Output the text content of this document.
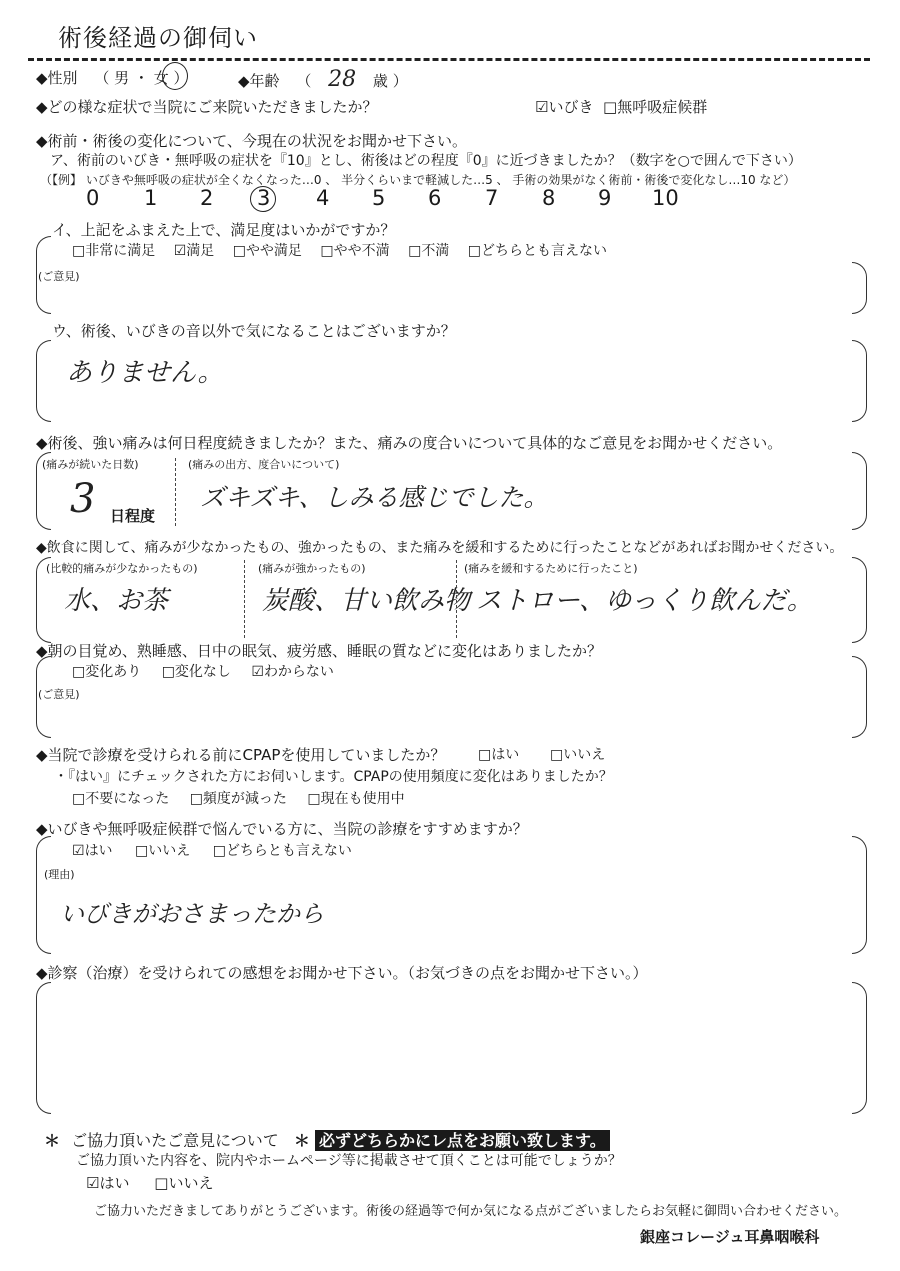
術後経過の御伺い
◆性別 （ 男 ・ 女 ）	◆年齢 （ 28 歳 ）
◆どの様な症状で当院にご来院いただきましたか？ ☑	いびき □	無呼吸症候群
◆術前・術後の変化について、今現在の状況をお聞かせ下さい。
ア、術前のいびき・無呼吸の症状を『10』とし、術後はどの程度『0』に近づきましたか？（数字を○で囲んで下さい）
（【例】 いびきや無呼吸の症状が全くなくなった…0 、 半分くらいまで軽減した…5 、 手術の効果がなく術前・術後で変化なし…10 など）
0 1 2 3 4 5 6 7 8 9 10
イ、上記をふまえた上で、満足度はいかがですか？
□ 非常に満足 ☑ 満足 □ やや満足 □ やや不満 □ 不満 □ どちらとも言えない
(ご意見)
ウ、術後、いびきの音以外で気になることはございますか？
ありません。
◆術後、強い痛みは何日程度続きましたか？また、痛みの度合いについて具体的なご意見をお聞かせください。
(痛みが続いた日数)
3 日程度
(痛みの出方、度合いについて)
ズキズキ、しみる感じでした。
◆飲食に関して、痛みが少なかったもの、強かったもの、また痛みを緩和するために行ったことなどがあればお聞かせください。
(比較的痛みが少なかったもの)
水、お茶
(痛みが強かったもの)
炭酸、甘い飲み物
(痛みを緩和するために行ったこと)
ストロー、ゆっくり飲んだ。
◆朝の目覚め、熟睡感、日中の眠気、疲労感、睡眠の質などに変化はありましたか？
□ 変化あり □ 変化なし ☑ わからない
(ご意見)
◆当院で診療を受けられる前にCPAPを使用していましたか？ □	はい □	いいえ
・『はい』にチェックされた方にお伺いします。CPAPの使用頻度に変化はありましたか？
□ 不要になった □ 頻度が減った □ 現在も使用中
◆いびきや無呼吸症候群で悩んでいる方に、当院の診療をすすめますか？
☑ はい □	いいえ □	どちらとも言えない
(理由)
いびきがおさまったから
◆診察（治療）を受けられての感想をお聞かせ下さい。（お気づきの点をお聞かせ下さい。）
＊ ご協力頂いたご意見について ＊ 必ずどちらかにレ点をお願い致します。
ご協力頂いた内容を、院内やホームページ等に掲載させて頂くことは可能でしょうか？
☑ はい □	いいえ
ご協力いただきましてありがとうございます。術後の経過等で何か気になる点がございましたらお気軽に御問い合わせください。
銀座コレージュ耳鼻咽喉科
